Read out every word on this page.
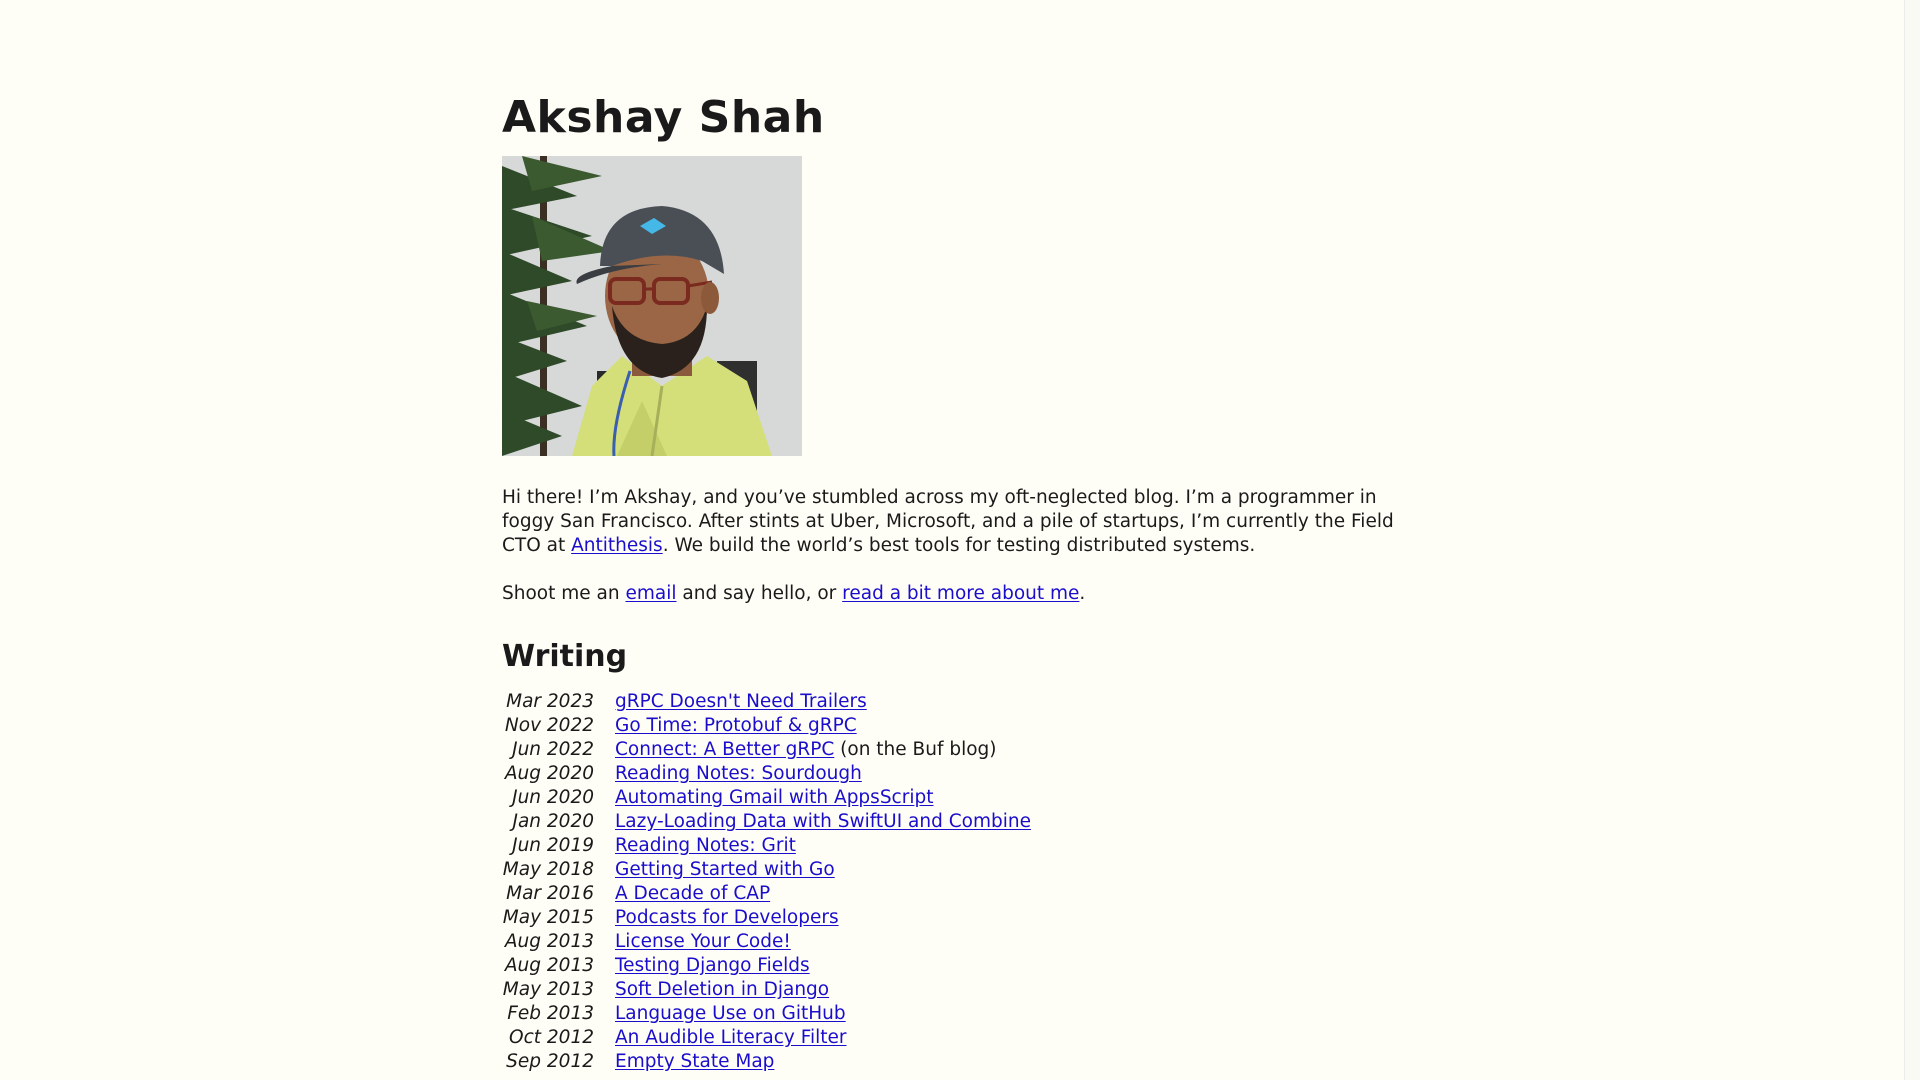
Akshay Shah

Hi there! I’m Akshay, and you’ve stumbled across my oft-neglected blog. I’m a programmer in foggy San Francisco. After stints at Uber, Microsoft, and a pile of startups, I’m currently the Field CTO at Antithesis. We build the world’s best tools for testing distributed systems.

Shoot me an email and say hello, or read a bit more about me.

Writing
Mar 2023	gRPC Doesn't Need Trailers
Nov 2022	Go Time: Protobuf & gRPC
Jun 2022	Connect: A Better gRPC (on the Buf blog)
Aug 2020	Reading Notes: Sourdough
Jun 2020	Automating Gmail with AppsScript
Jan 2020	Lazy-Loading Data with SwiftUI and Combine
Jun 2019	Reading Notes: Grit
May 2018	Getting Started with Go
Mar 2016	A Decade of CAP
May 2015	Podcasts for Developers
Aug 2013	License Your Code!
Aug 2013	Testing Django Fields
May 2013	Soft Deletion in Django
Feb 2013	Language Use on GitHub
Oct 2012	An Audible Literacy Filter
Sep 2012	Empty State Map
